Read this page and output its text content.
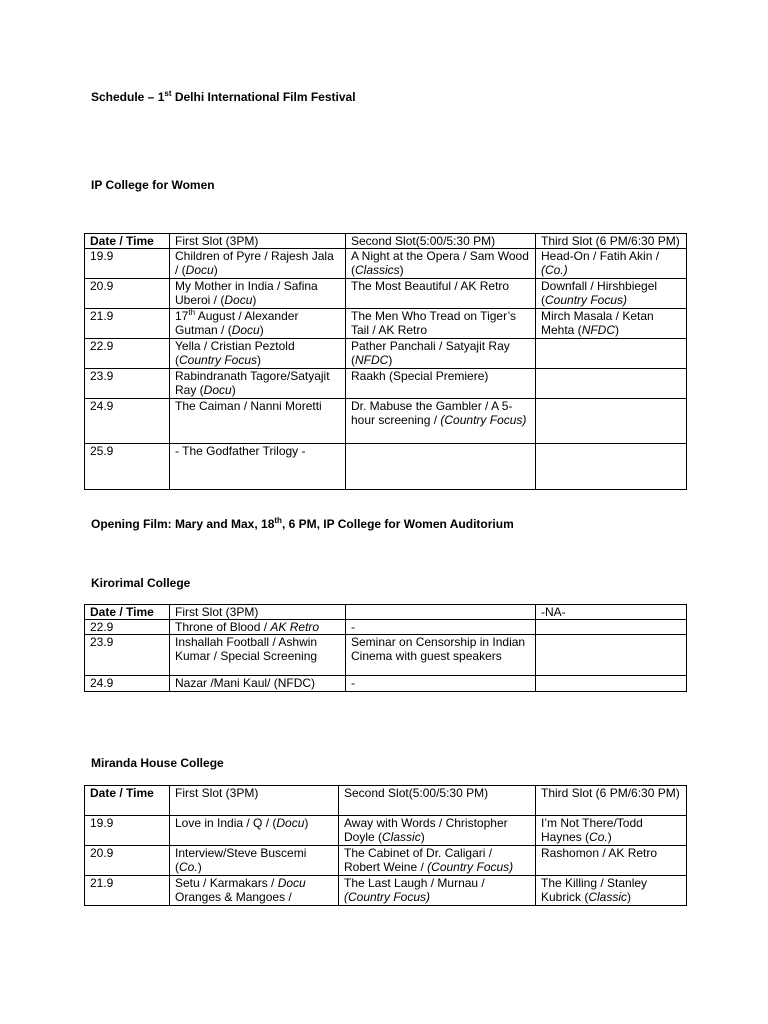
Schedule – 1st Delhi International Film Festival
IP College for Women
Date / Time	First Slot (3PM)	Second Slot(5:00/5:30 PM)	Third Slot (6 PM/6:30 PM)
19.9	Children of Pyre / Rajesh Jala / (Docu)	A Night at the Opera / Sam Wood (Classics)	Head-On / Fatih Akin / (Co.)
20.9	My Mother in India / Safina Uberoi / (Docu)	The Most Beautiful / AK Retro	Downfall / Hirshbiegel (Country Focus)
21.9	17th August / Alexander Gutman / (Docu)	The Men Who Tread on Tiger’s Tail / AK Retro	Mirch Masala / Ketan Mehta (NFDC)
22.9	Yella / Cristian Peztold (Country Focus)	Pather Panchali / Satyajit Ray (NFDC)	
23.9	Rabindranath Tagore/Satyajit Ray (Docu)	Raakh (Special Premiere)	
24.9	The Caiman / Nanni Moretti	Dr. Mabuse the Gambler / A 5-hour screening / (Country Focus)	
25.9	- The Godfather Trilogy -		
Opening Film: Mary and Max, 18th, 6 PM, IP College for Women Auditorium
Kirorimal College
Date / Time	First Slot (3PM)		-NA-
22.9	Throne of Blood / AK Retro	-	
23.9	Inshallah Football / Ashwin Kumar / Special Screening	Seminar on Censorship in Indian Cinema with guest speakers	
24.9	Nazar /Mani Kaul/ (NFDC)	-	
Miranda House College
Date / Time	First Slot (3PM)	Second Slot(5:00/5:30 PM)	Third Slot (6 PM/6:30 PM)
19.9	Love in India / Q / (Docu)	Away with Words / Christopher Doyle (Classic)	I’m Not There/Todd Haynes (Co.)
20.9	Interview/Steve Buscemi (Co.)	The Cabinet of Dr. Caligari / Robert Weine / (Country Focus)	Rashomon / AK Retro
21.9	Setu / Karmakars / Docu Oranges & Mangoes /	The Last Laugh / Murnau / (Country Focus)	The Killing / Stanley Kubrick (Classic)
